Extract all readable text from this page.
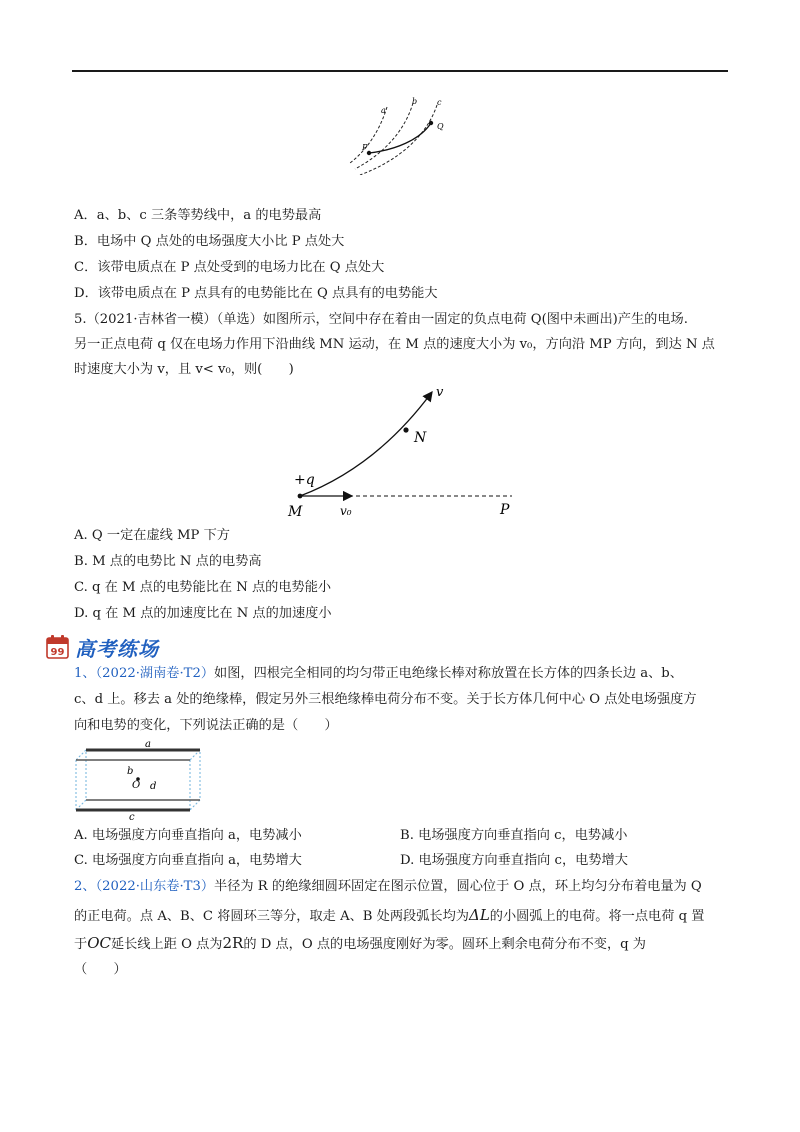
a
b c
P
Q
A．a、b、c 三条等势线中，a 的电势最高
B．电场中 Q 点处的电场强度大小比 P 点处大
C．该带电质点在 P 点处受到的电场力比在 Q 点处大
D．该带电质点在 P 点具有的电势能比在 Q 点具有的电势能大
5.（2021·吉林省一模）（单选）如图所示，空间中存在着由一固定的负点电荷 Q(图中未画出)产生的电场.
另一正点电荷 q 仅在电场力作用下沿曲线 MN 运动，在 M 点的速度大小为 v₀，方向沿 MP 方向，到达 N 点
时速度大小为 v，且 v< v₀，则(　　)
+q
M	v₀
N
v
P
A. Q 一定在虚线 MP 下方
B. M 点的电势比 N 点的电势高
C. q 在 M 点的电势能比在 N 点的电势能小
D. q 在 M 点的加速度比在 N 点的加速度小
99 高考练场
1、（2022·湖南卷·T2）如图，四根完全相同的均匀带正电绝缘长棒对称放置在长方体的四条长边 a、b、
c、d 上。移去 a 处的绝缘棒，假定另外三根绝缘棒电荷分布不变。关于长方体几何中心 O 点处电场强度方
向和电势的变化，下列说法正确的是（　　）
a
b
O d
c
A. 电场强度方向垂直指向 a，电势减小	B. 电场强度方向垂直指向 c，电势减小
C. 电场强度方向垂直指向 a，电势增大	D. 电场强度方向垂直指向 c，电势增大
2、（2022·山东卷·T3）半径为 R 的绝缘细圆环固定在图示位置，圆心位于 O 点，环上均匀分布着电量为 Q
的正电荷。点 A、B、C 将圆环三等分，取走 A、B 处两段弧长均为ΔL的小圆弧上的电荷。将一点电荷 q 置
于OC延长线上距 O 点为2R的 D 点，O 点的电场强度刚好为零。圆环上剩余电荷分布不变，q 为
（　　）
